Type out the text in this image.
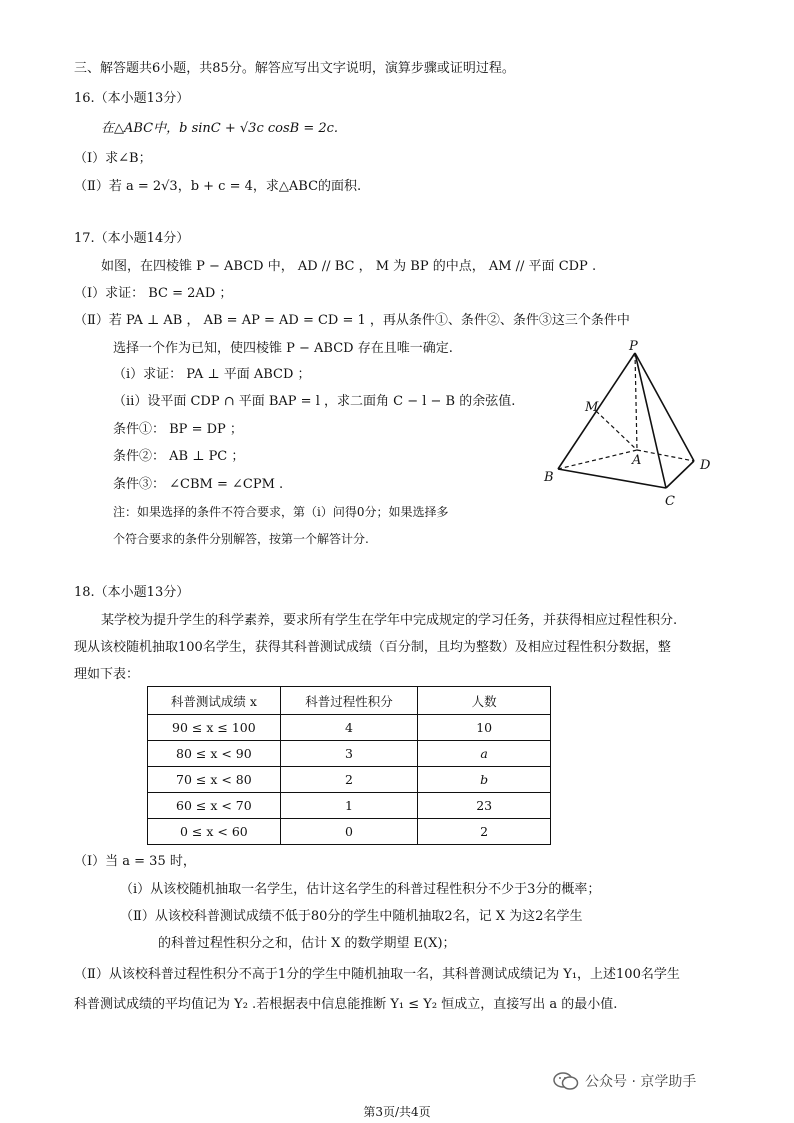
三、解答题共6小题，共85分。解答应写出文字说明，演算步骤或证明过程。
16.（本小题13分）
在△ABC中，b sinC + √3c cosB = 2c.
（Ⅰ）求∠B；
（Ⅱ）若 a = 2√3，b + c = 4，求△ABC的面积.
17.（本小题14分）
如图，在四棱锥 P − ABCD 中， AD // BC ， M 为 BP 的中点， AM // 平面 CDP .
（Ⅰ）求证： BC = 2AD ；
（Ⅱ）若 PA ⊥ AB ， AB = AP = AD = CD = 1 ，再从条件①、条件②、条件③这三个条件中
选择一个作为已知，使四棱锥 P − ABCD 存在且唯一确定.
（ⅰ）求证： PA ⊥ 平面 ABCD ；
（ⅱ）设平面 CDP ∩ 平面 BAP = l ，求二面角 C − l − B 的余弦值.
条件①： BP = DP ；
条件②： AB ⊥ PC ；
条件③： ∠CBM = ∠CPM .
注：如果选择的条件不符合要求，第（ⅰ）问得0分；如果选择多
个符合要求的条件分别解答，按第一个解答计分.
P
M
A
B
C
D
18.（本小题13分）
某学校为提升学生的科学素养，要求所有学生在学年中完成规定的学习任务，并获得相应过程性积分.
现从该校随机抽取100名学生，获得其科普测试成绩（百分制，且均为整数）及相应过程性积分数据，整
理如下表：
科普测试成绩 x	科普过程性积分	人数
90 ≤ x ≤ 100	4	10
80 ≤ x < 90	3	a
70 ≤ x < 80	2	b
60 ≤ x < 70	1	23
0 ≤ x < 60	0	2
（Ⅰ）当 a = 35 时，
（ⅰ）从该校随机抽取一名学生，估计这名学生的科普过程性积分不少于3分的概率；
（Ⅱ）从该校科普测试成绩不低于80分的学生中随机抽取2名，记 X 为这2名学生
的科普过程性积分之和，估计 X 的数学期望 E(X)；
（Ⅱ）从该校科普过程性积分不高于1分的学生中随机抽取一名，其科普测试成绩记为 Y₁，上述100名学生
科普测试成绩的平均值记为 Y₂ .若根据表中信息能推断 Y₁ ≤ Y₂ 恒成立，直接写出 a 的最小值.
公众号 · 京学助手
第3页/共4页
